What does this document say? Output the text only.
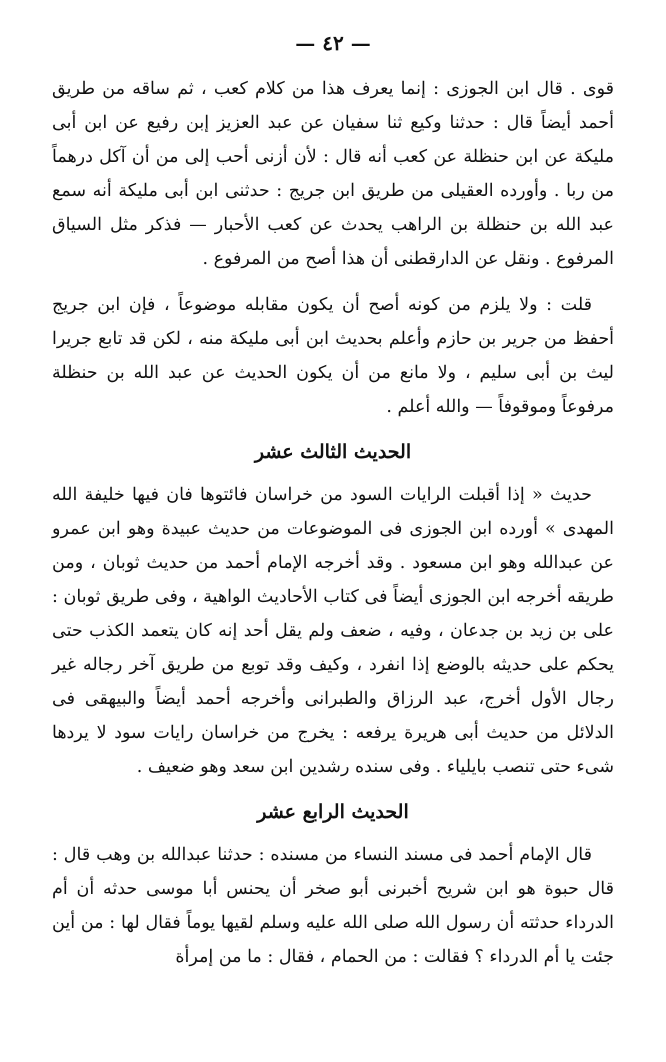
— ٤٢ —

قوى . قال ابن الجوزى : إنما يعرف هذا من كلام كعب ، ثم ساقه من طريق أحمد أيضاً قال : حدثنا وكيع ثنا سفيان عن عبد العزيز إبن رفيع عن ابن أبى مليكة عن ابن حنظلة عن كعب أنه قال : لأن أزنى أحب إلى من أن آكل درهماً من ربا . وأورده العقيلى من طريق ابن جريج : حدثنى ابن أبى مليكة أنه سمع عبد الله بن حنظلة بن الراهب يحدث عن كعب الأحبار — فذكر مثل السياق المرفوع . ونقل عن الدارقطنى أن هذا أصح من المرفوع .

قلت : ولا يلزم من كونه أصح أن يكون مقابله موضوعاً ، فإن ابن جريج أحفظ من جرير بن حازم وأعلم بحديث ابن أبى مليكة منه ، لكن قد تابع جريرا ليث بن أبى سليم ، ولا مانع من أن يكون الحديث عن عبد الله بن حنظلة مرفوعاً وموقوفاً — والله أعلم .

الحديث الثالث عشر

حديث « إذا أقبلت الرايات السود من خراسان فائتوها فان فيها خليفة الله المهدى » أورده ابن الجوزى فى الموضوعات من حديث عبيدة وهو ابن عمرو عن عبدالله وهو ابن مسعود . وقد أخرجه الإمام أحمد من حديث ثوبان ، ومن طريقه أخرجه ابن الجوزى أيضاً فى كتاب الأحاديث الواهية ، وفى طريق ثوبان : على بن زيد بن جدعان ، وفيه ، ضعف ولم يقل أحد إنه كان يتعمد الكذب حتى يحكم على حديثه بالوضع إذا انفرد ، وكيف وقد توبع من طريق آخر رجاله غير رجال الأول أخرج، عبد الرزاق والطبرانى وأخرجه أحمد أيضاً والبيهقى فى الدلائل من حديث أبى هريرة يرفعه : يخرج من خراسان رايات سود لا يردها شىء حتى تنصب بايلياء . وفى سنده رشدين ابن سعد وهو ضعيف .

الحديث الرابع عشر

قال الإمام أحمد فى مسند النساء من مسنده : حدثنا عبدالله بن وهب قال : قال حبوة هو ابن شريح أخبرنى أبو صخر أن يحنس أبا موسى حدثه أن أم الدرداء حدثته أن رسول الله صلى الله عليه وسلم لقيها يوماً فقال لها : من أين جئت يا أم الدرداء ؟ فقالت : من الحمام ، فقال : ما من إمرأة
